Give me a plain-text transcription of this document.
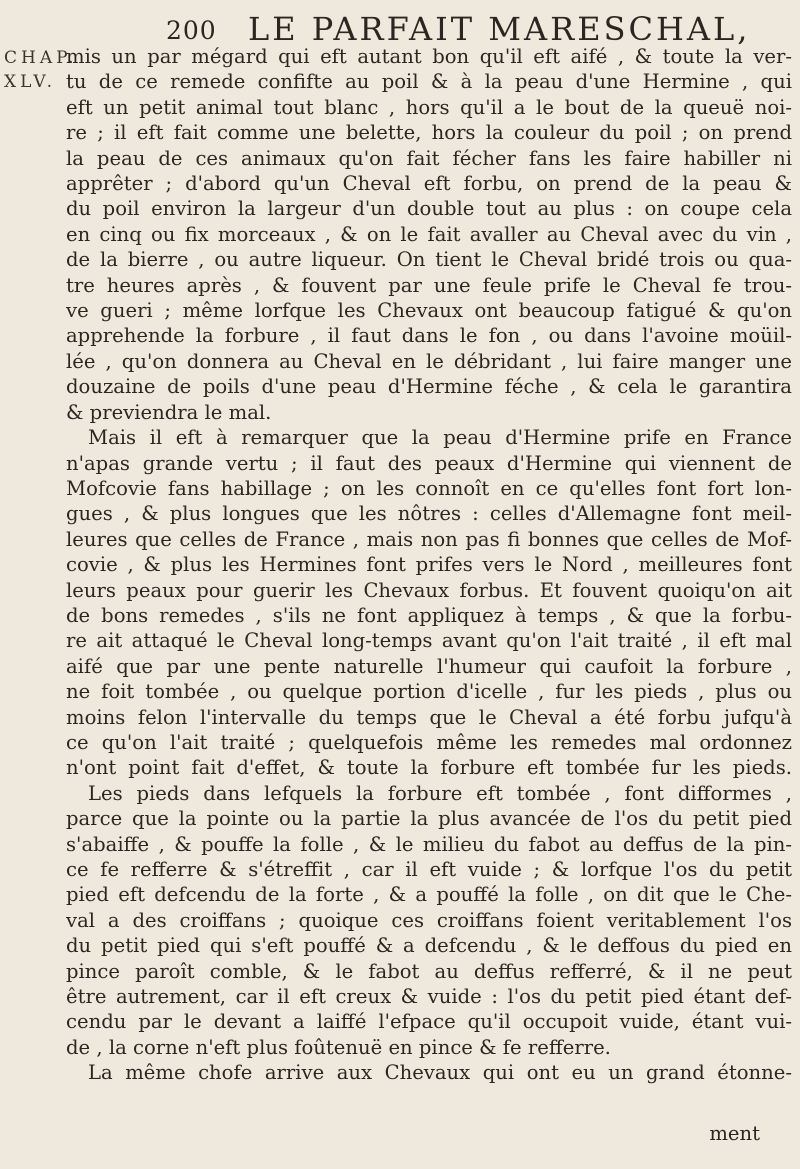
200 LE PARFAIT MARESCHAL,
CHAP.
XLV.
mis un par mégard qui eft autant bon qu'il eft aifé , & toute la ver-
tu de ce remede confifte au poil & à la peau d'une Hermine , qui
eft un petit animal tout blanc , hors qu'il a le bout de la queuë noi-
re ; il eft fait comme une belette, hors la couleur du poil ; on prend
la peau de ces animaux qu'on fait fécher fans les faire habiller ni
apprêter ; d'abord qu'un Cheval eft forbu, on prend de la peau &
du poil environ la largeur d'un double tout au plus : on coupe cela
en cinq ou fix morceaux , & on le fait avaller au Cheval avec du vin ,
de la bierre , ou autre liqueur. On tient le Cheval bridé trois ou qua-
tre heures après , & fouvent par une feule prife le Cheval fe trou-
ve gueri ; même lorfque les Chevaux ont beaucoup fatigué & qu'on
apprehende la forbure , il faut dans le fon , ou dans l'avoine moüil-
lée , qu'on donnera au Cheval en le débridant , lui faire manger une
douzaine de poils d'une peau d'Hermine féche , & cela le garantira
& previendra le mal.
Mais il eft à remarquer que la peau d'Hermine prife en France
n'apas grande vertu ; il faut des peaux d'Hermine qui viennent de
Mofcovie fans habillage ; on les connoît en ce qu'elles font fort lon-
gues , & plus longues que les nôtres : celles d'Allemagne font meil-
leures que celles de France , mais non pas fi bonnes que celles de Mof-
covie , & plus les Hermines font prifes vers le Nord , meilleures font
leurs peaux pour guerir les Chevaux forbus. Et fouvent quoiqu'on ait
de bons remedes , s'ils ne font appliquez à temps , & que la forbu-
re ait attaqué le Cheval long-temps avant qu'on l'ait traité , il eft mal
aifé que par une pente naturelle l'humeur qui caufoit la forbure ,
ne foit tombée , ou quelque portion d'icelle , fur les pieds , plus ou
moins felon l'intervalle du temps que le Cheval a été forbu jufqu'à
ce qu'on l'ait traité ; quelquefois même les remedes mal ordonnez
n'ont point fait d'effet, & toute la forbure eft tombée fur les pieds.
Les pieds dans lefquels la forbure eft tombée , font difformes ,
parce que la pointe ou la partie la plus avancée de l'os du petit pied
s'abaiffe , & pouffe la folle , & le milieu du fabot au deffus de la pin-
ce fe refferre & s'étreffit , car il eft vuide ; & lorfque l'os du petit
pied eft defcendu de la forte , & a pouffé la folle , on dit que le Che-
val a des croiffans ; quoique ces croiffans foient veritablement l'os
du petit pied qui s'eft pouffé & a defcendu , & le deffous du pied en
pince paroît comble, & le fabot au deffus refferré, & il ne peut
être autrement, car il eft creux & vuide : l'os du petit pied étant def-
cendu par le devant a laiffé l'efpace qu'il occupoit vuide, étant vui-
de , la corne n'eft plus foûtenuë en pince & fe refferre.
La même chofe arrive aux Chevaux qui ont eu un grand étonne-
ment
